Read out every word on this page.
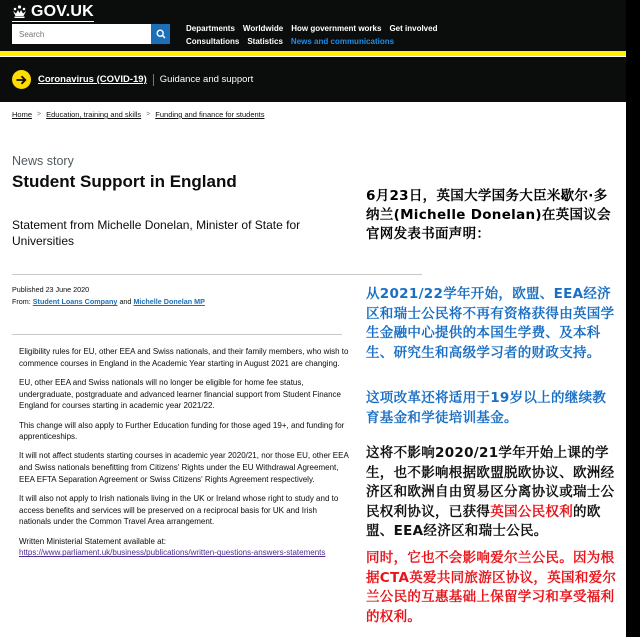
GOV.UK
Search
Departments Worldwide How government works Get involved
Consultations Statistics News and communications
Coronavirus (COVID-19) Guidance and support
Home > Education, training and skills > Funding and finance for students
News story
Student Support in England

Statement from Michelle Donelan, Minister of State for Universities

Published 23 June 2020
From: Student Loans Company and Michelle Donelan MP

Eligibility rules for EU, other EEA and Swiss nationals, and their family members, who wish to commence courses in England in the Academic Year starting in August 2021 are changing.

EU, other EEA and Swiss nationals will no longer be eligible for home fee status, undergraduate, postgraduate and advanced learner financial support from Student Finance England for courses starting in academic year 2021/22.

This change will also apply to Further Education funding for those aged 19+, and funding for apprenticeships.

It will not affect students starting courses in academic year 2020/21, nor those EU, other EEA and Swiss nationals benefitting from Citizens' Rights under the EU Withdrawal Agreement, EEA EFTA Separation Agreement or Swiss Citizens' Rights Agreement respectively.

It will also not apply to Irish nationals living in the UK or Ireland whose right to study and to access benefits and services will be preserved on a reciprocal basis for UK and Irish nationals under the Common Travel Area arrangement.

Written Ministerial Statement available at:
https://www.parliament.uk/business/publications/written-questions-answers-statements

6月23日，英国大学国务大臣米歇尔·多纳兰(Michelle Donelan)在英国议会官网发表书面声明：
从2021/22学年开始，欧盟、EEA经济区和瑞士公民将不再有资格获得由英国学生金融中心提供的本国生学费、及本科生、研究生和高级学习者的财政支持。
这项改革还将适用于19岁以上的继续教育基金和学徒培训基金。
这将不影响2020/21学年开始上课的学生，也不影响根据欧盟脱欧协议、欧洲经济区和欧洲自由贸易区分离协议或瑞士公民权利协议，已获得英国公民权利的欧盟、EEA经济区和瑞士公民。
同时，它也不会影响爱尔兰公民。因为根据CTA英爱共同旅游区协议，英国和爱尔兰公民的互惠基础上保留学习和享受福利的权利。
